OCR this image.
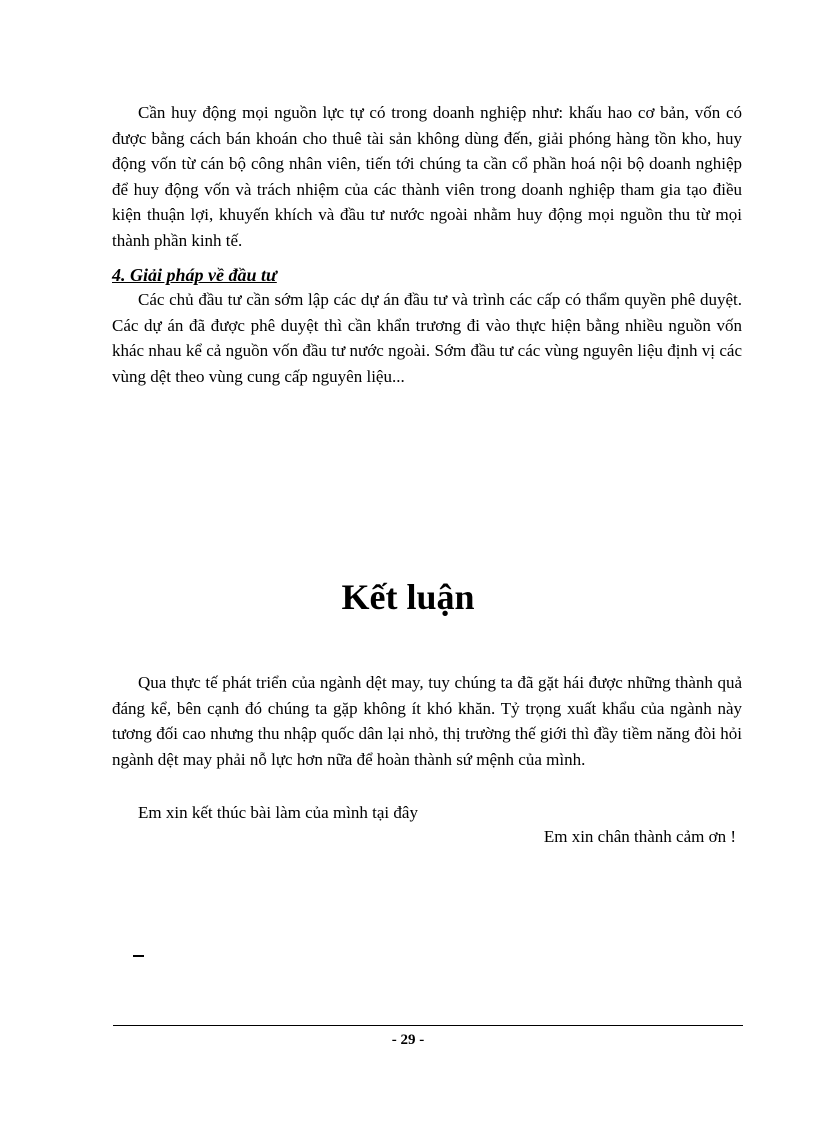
Cần huy động mọi nguồn lực tự có trong doanh nghiệp như: khấu hao cơ bản, vốn có được bằng cách bán khoán cho thuê tài sản không dùng đến, giải phóng hàng tồn kho, huy động vốn từ cán bộ công nhân viên, tiến tới chúng ta cần cổ phần hoá nội bộ doanh nghiệp để huy động vốn và trách nhiệm của các thành viên trong doanh nghiệp tham gia tạo điều kiện thuận lợi, khuyến khích và đầu tư nước ngoài nhằm huy động mọi nguồn thu từ mọi thành phần kinh tế.

4. Giải pháp về đầu tư

Các chủ đầu tư cần sớm lập các dự án đầu tư và trình các cấp có thẩm quyền phê duyệt. Các dự án đã được phê duyệt thì cần khẩn trương đi vào thực hiện bằng nhiều nguồn vốn khác nhau kể cả nguồn vốn đầu tư nước ngoài. Sớm đầu tư các vùng nguyên liệu định vị các vùng dệt theo vùng cung cấp nguyên liệu...

Kết luận

Qua thực tế phát triển của ngành dệt may, tuy chúng ta đã gặt hái được những thành quả đáng kể, bên cạnh đó chúng ta gặp không ít khó khăn. Tỷ trọng xuất khẩu của ngành này tương đối cao nhưng thu nhập quốc dân lại nhỏ, thị trường thế giới thì đầy tiềm năng đòi hỏi ngành dệt may phải nỗ lực hơn nữa để hoàn thành sứ mệnh của mình.

Em xin kết thúc bài làm của mình tại đây
Em xin chân thành cảm ơn !
- 29 -
